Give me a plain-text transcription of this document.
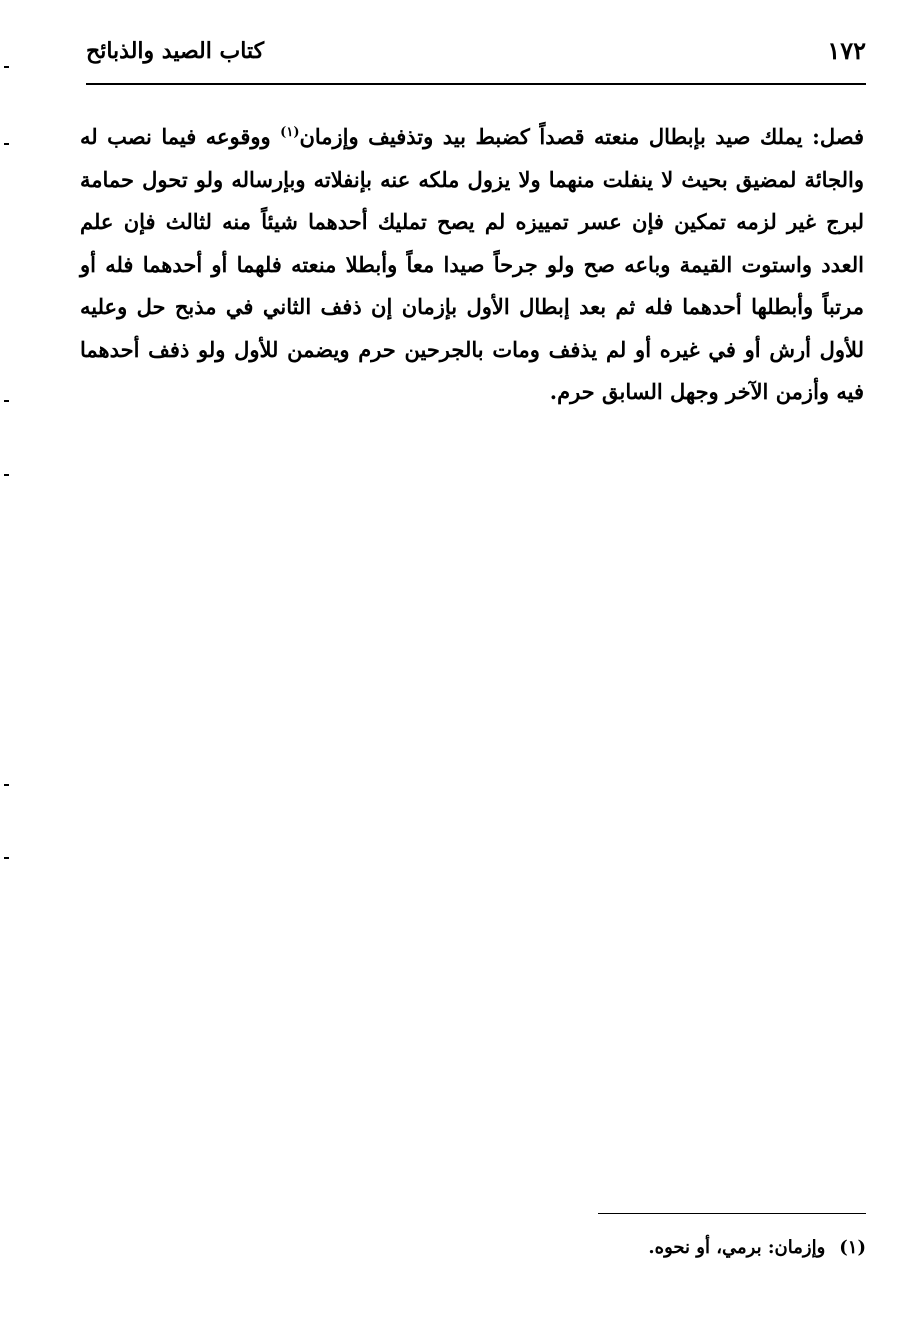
١٧٢
كتاب الصيد والذبائح
فصل: يملك صيد بإبطال منعته قصداً كضبط بيد وتذفيف وإزمان$^{(١)}$ ووقوعه فيما نصب له والجائة لمضيق بحيث لا ينفلت منهما ولا يزول ملكه عنه بإنفلاته وبإرساله ولو تحول حمامة لبرج غير لزمه تمكين فإن عسر تمييزه لم يصح تمليك أحدهما شيئاً منه لثالث فإن علم العدد واستوت القيمة وباعه صح ولو جرحاً صيدا معاً وأبطلا منعته فلهما أو أحدهما فله أو مرتباً وأبطلها أحدهما فله ثم بعد إبطال الأول بإزمان إن ذفف الثاني في مذبح حل وعليه للأول أرش أو في غيره أو لم يذفف ومات بالجرحين حرم ويضمن للأول ولو ذفف أحدهما فيه وأزمن الآخر وجهل السابق حرم.
(١)وإزمان: برمي، أو نحوه.
